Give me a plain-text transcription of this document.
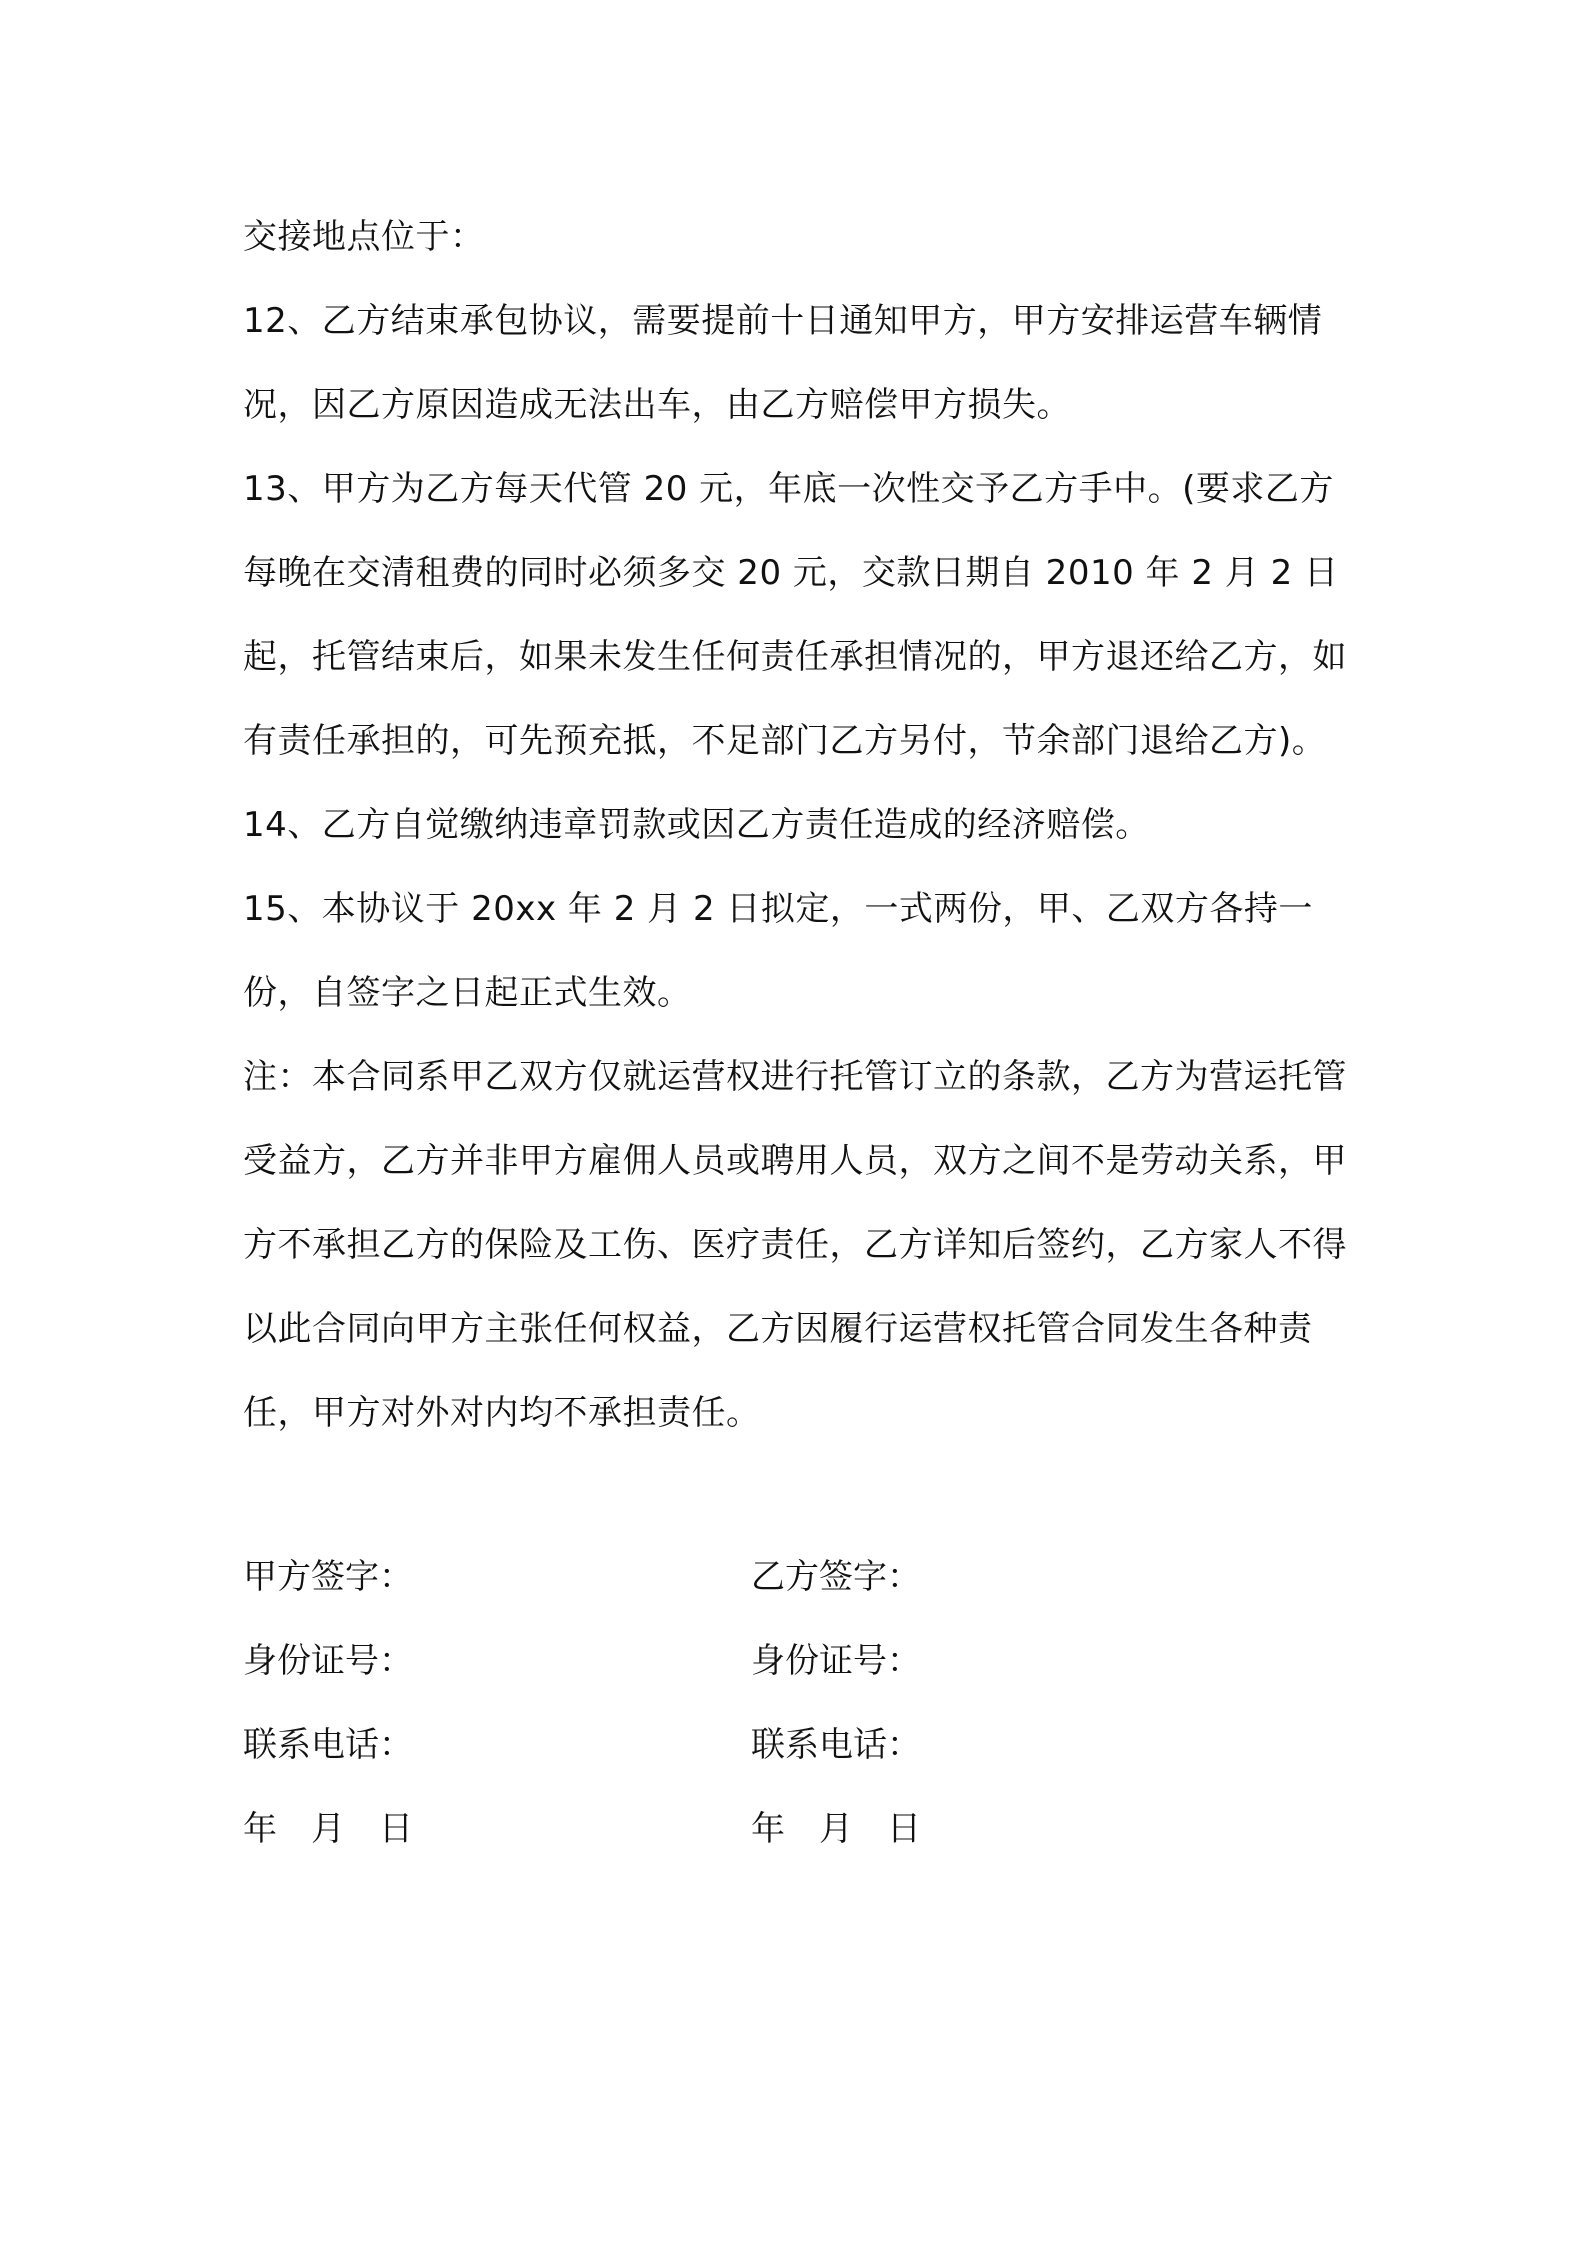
交接地点位于：

12、乙方结束承包协议，需要提前十日通知甲方，甲方安排运营车辆情况，因乙方原因造成无法出车，由乙方赔偿甲方损失。

13、甲方为乙方每天代管 20 元，年底一次性交予乙方手中。(要求乙方每晚在交清租费的同时必须多交 20 元，交款日期自 2010 年 2 月 2 日起，托管结束后，如果未发生任何责任承担情况的，甲方退还给乙方，如有责任承担的，可先预充抵，不足部门乙方另付，节余部门退给乙方)。

14、乙方自觉缴纳违章罚款或因乙方责任造成的经济赔偿。

15、本协议于 20xx 年 2 月 2 日拟定，一式两份，甲、乙双方各持一份，自签字之日起正式生效。

注：本合同系甲乙双方仅就运营权进行托管订立的条款，乙方为营运托管受益方，乙方并非甲方雇佣人员或聘用人员，双方之间不是劳动关系，甲方不承担乙方的保险及工伤、医疗责任，乙方详知后签约，乙方家人不得以此合同向甲方主张任何权益，乙方因履行运营权托管合同发生各种责任，甲方对外对内均不承担责任。

甲方签字：	乙方签字：
身份证号：	身份证号：
联系电话：	联系电话：
年　月　日	年　月　日
